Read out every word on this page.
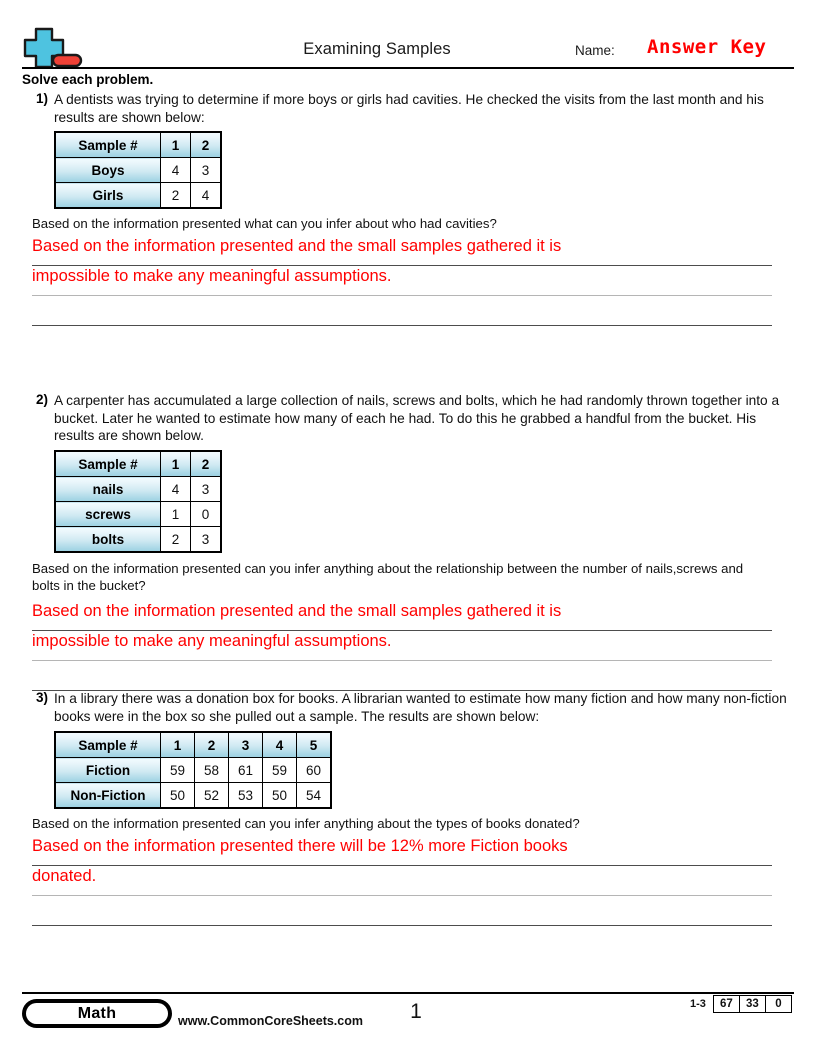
Examining Samples	Name: Answer Key
Solve each problem.
1) A dentists was trying to determine if more boys or girls had cavities. He checked the visits from the last month and his results are shown below:
Sample #	1	2
Boys	4	3
Girls	2	4
Based on the information presented what can you infer about who had cavities?
Based on the information presented and the small samples gathered it is
impossible to make any meaningful assumptions.
2) A carpenter has accumulated a large collection of nails, screws and bolts, which he had randomly thrown together into a bucket. Later he wanted to estimate how many of each he had. To do this he grabbed a handful from the bucket. His results are shown below.
Sample #	1	2
nails	4	3
screws	1	0
bolts	2	3
Based on the information presented can you infer anything about the relationship between the number of nails,screws and bolts in the bucket?
Based on the information presented and the small samples gathered it is
impossible to make any meaningful assumptions.
3) In a library there was a donation box for books. A librarian wanted to estimate how many fiction and how many non-fiction books were in the box so she pulled out a sample. The results are shown below:
Sample #	1	2	3	4	5
Fiction	59	58	61	59	60
Non-Fiction	50	52	53	50	54
Based on the information presented can you infer anything about the types of books donated?
Based on the information presented there will be 12% more Fiction books
donated.
Math	www.CommonCoreSheets.com	1	1-3	67	33	0
